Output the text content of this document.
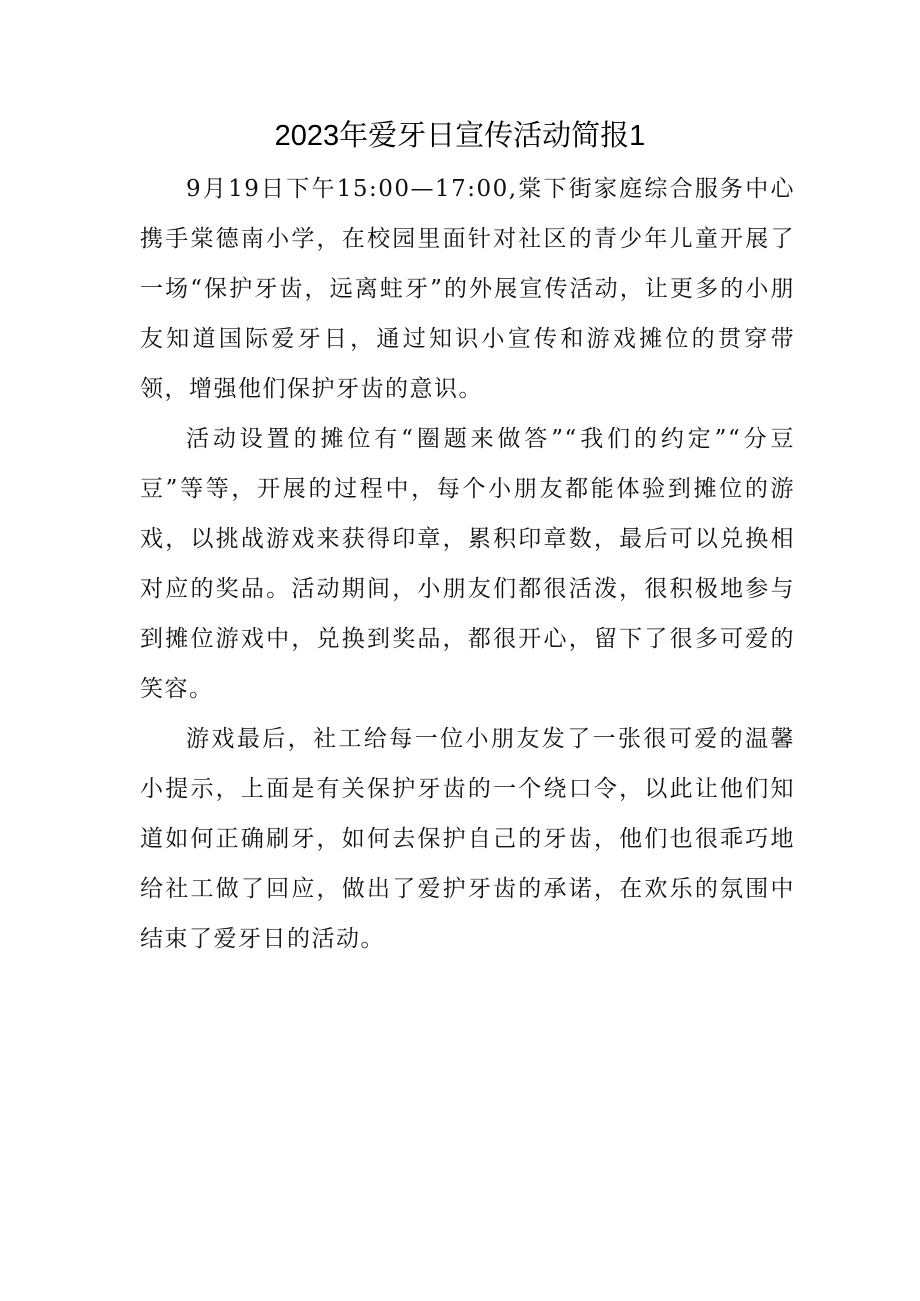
2023年爱牙日宣传活动简报1

9月19日下午15:00—17:00,棠下街家庭综合服务中心携手棠德南小学，在校园里面针对社区的青少年儿童开展了一场“保护牙齿，远离蛀牙”的外展宣传活动，让更多的小朋友知道国际爱牙日，通过知识小宣传和游戏摊位的贯穿带领，增强他们保护牙齿的意识。

活动设置的摊位有“圈题来做答”“我们的约定”“分豆豆”等等，开展的过程中，每个小朋友都能体验到摊位的游戏，以挑战游戏来获得印章，累积印章数，最后可以兑换相对应的奖品。活动期间，小朋友们都很活泼，很积极地参与到摊位游戏中，兑换到奖品，都很开心，留下了很多可爱的笑容。

游戏最后，社工给每一位小朋友发了一张很可爱的温馨小提示，上面是有关保护牙齿的一个绕口令，以此让他们知道如何正确刷牙，如何去保护自己的牙齿，他们也很乖巧地给社工做了回应，做出了爱护牙齿的承诺，在欢乐的氛围中结束了爱牙日的活动。
